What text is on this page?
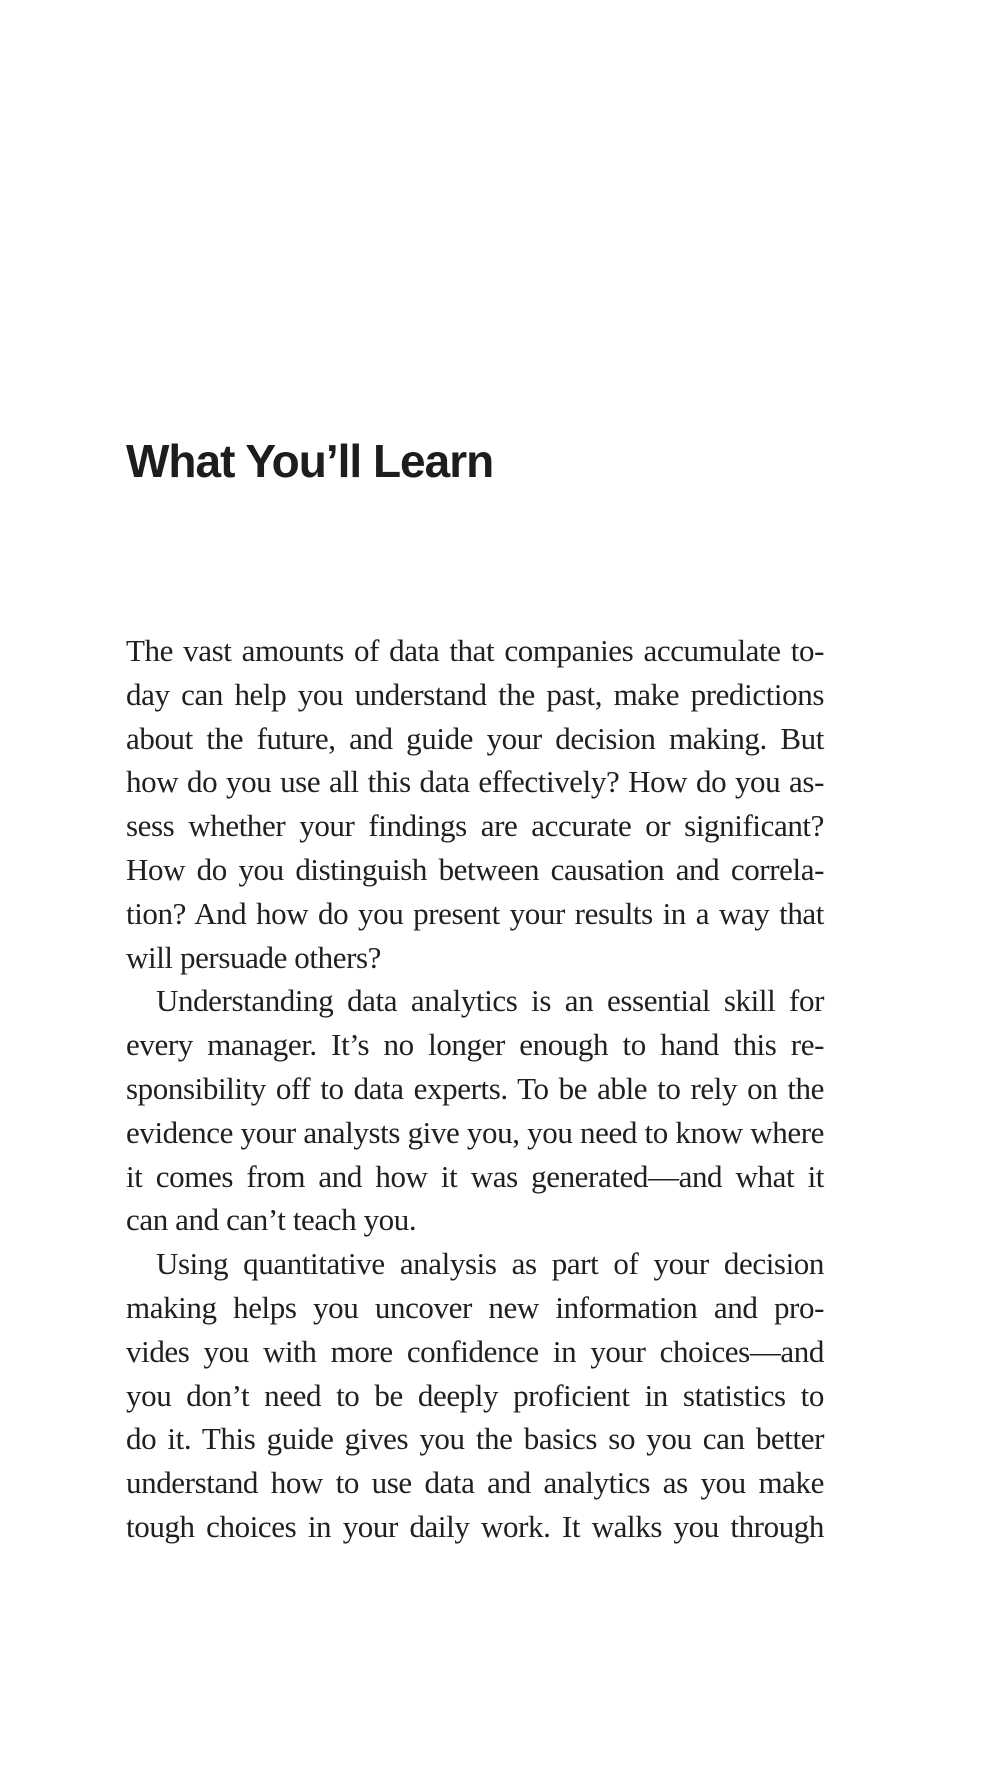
What You’ll Learn
The vast amounts of data that companies accumulate to-
day can help you understand the past, make predictions
about the future, and guide your decision making. But
how do you use all this data effectively? How do you as-
sess whether your findings are accurate or significant?
How do you distinguish between causation and correla-
tion? And how do you present your results in a way that
will persuade others?
Understanding data analytics is an essential skill for
every manager. It’s no longer enough to hand this re-
sponsibility off to data experts. To be able to rely on the
evidence your analysts give you, you need to know where
it comes from and how it was generated—and what it
can and can’t teach you.
Using quantitative analysis as part of your decision
making helps you uncover new information and pro-
vides you with more confidence in your choices—and
you don’t need to be deeply proficient in statistics to
do it. This guide gives you the basics so you can better
understand how to use data and analytics as you make
tough choices in your daily work. It walks you through
